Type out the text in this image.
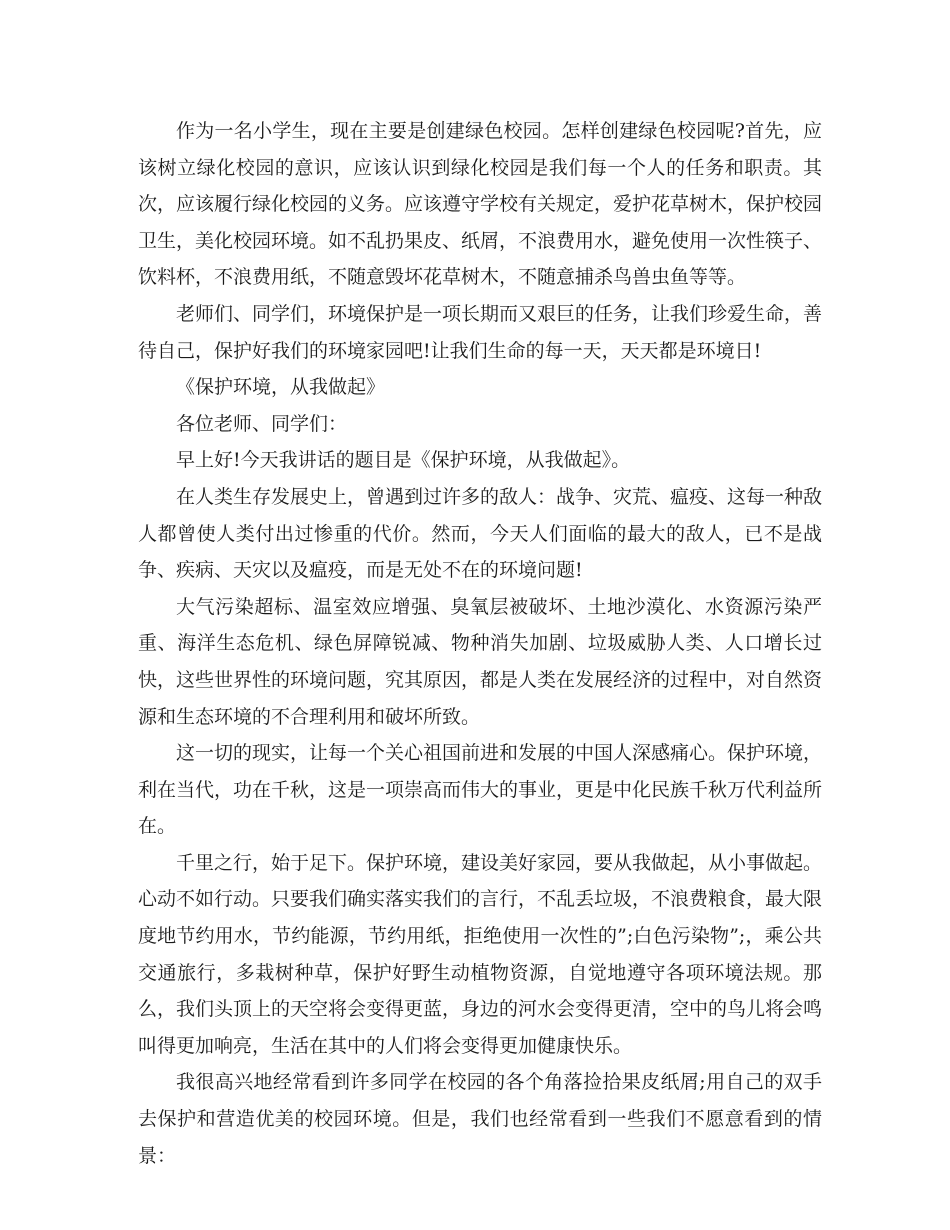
作为一名小学生，现在主要是创建绿色校园。怎样创建绿色校园呢?首先，应该树立绿化校园的意识，应该认识到绿化校园是我们每一个人的任务和职责。其次，应该履行绿化校园的义务。应该遵守学校有关规定，爱护花草树木，保护校园卫生，美化校园环境。如不乱扔果皮、纸屑，不浪费用水，避免使用一次性筷子、饮料杯，不浪费用纸，不随意毁坏花草树木，不随意捕杀鸟兽虫鱼等等。

老师们、同学们，环境保护是一项长期而又艰巨的任务，让我们珍爱生命，善待自己，保护好我们的环境家园吧!让我们生命的每一天，天天都是环境日!

《保护环境，从我做起》

各位老师、同学们：

早上好!今天我讲话的题目是《保护环境，从我做起》。

在人类生存发展史上，曾遇到过许多的敌人：战争、灾荒、瘟疫、这每一种敌人都曾使人类付出过惨重的代价。然而，今天人们面临的最大的敌人，已不是战争、疾病、天灾以及瘟疫，而是无处不在的环境问题!

大气污染超标、温室效应增强、臭氧层被破坏、土地沙漠化、水资源污染严重、海洋生态危机、绿色屏障锐减、物种消失加剧、垃圾威胁人类、人口增长过快，这些世界性的环境问题，究其原因，都是人类在发展经济的过程中，对自然资源和生态环境的不合理利用和破坏所致。

这一切的现实，让每一个关心祖国前进和发展的中国人深感痛心。保护环境，利在当代，功在千秋，这是一项崇高而伟大的事业，更是中化民族千秋万代利益所在。

千里之行，始于足下。保护环境，建设美好家园，要从我做起，从小事做起。心动不如行动。只要我们确实落实我们的言行，不乱丢垃圾，不浪费粮食，最大限度地节约用水，节约能源，节约用纸，拒绝使用一次性的”;白色污染物”;，乘公共交通旅行，多栽树种草，保护好野生动植物资源，自觉地遵守各项环境法规。那么，我们头顶上的天空将会变得更蓝，身边的河水会变得更清，空中的鸟儿将会鸣叫得更加响亮，生活在其中的人们将会变得更加健康快乐。

我很高兴地经常看到许多同学在校园的各个角落捡拾果皮纸屑;用自己的双手去保护和营造优美的校园环境。但是，我们也经常看到一些我们不愿意看到的情景：
